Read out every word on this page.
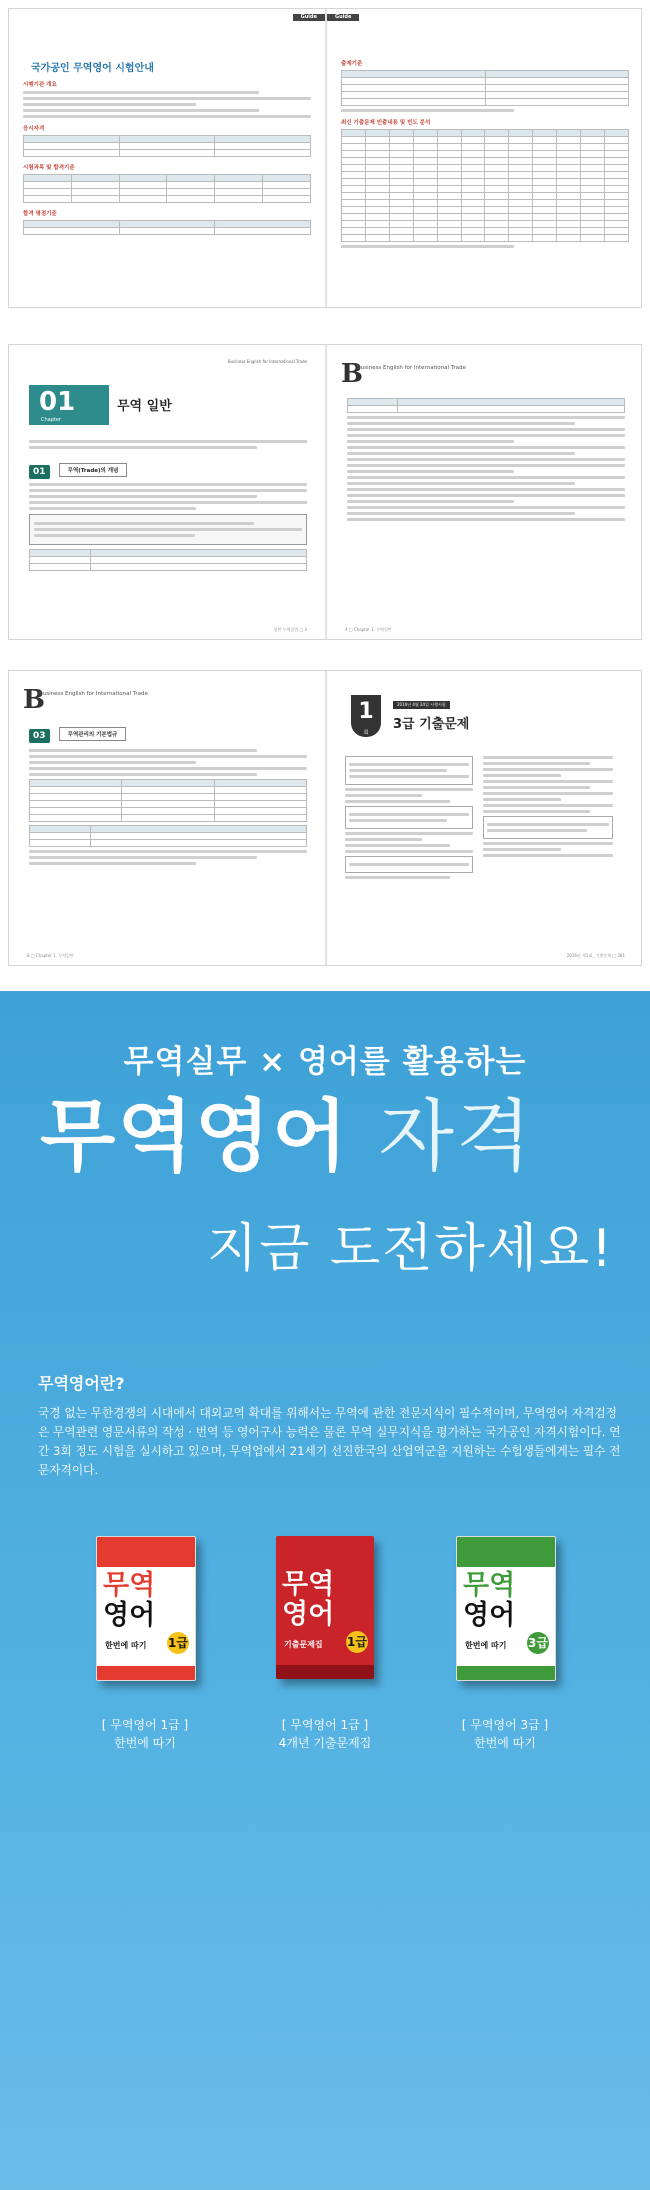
Guide
국가공인 무역영어 시험안내
시행기관 개요
응시자격

시험과목 및 합격기준

합격 평점기준

Guide
출제기준

최신 기출문제 빈출내용 및 빈도 분석

Business English for International Trade
01
Chapter
무역 일반
01	무역(Trade)의 개념

일반 무역일반 □ 3
B
Business English for International Trade

4 □ Chapter 1. 무역일반
B
Business English for International Trade
03	무역관리의 기본법규

8 □ Chapter 1. 무역일반
1
회
2016년 4월 24일 시행시험
3급 기출문제
2016년 제1회_ 기출문제 □ 381
무역실무 × 영어를 활용하는
무역영어 자격
지금 도전하세요!
무역영어란?
국경 없는 무한경쟁의 시대에서 대외교역 확대를 위해서는 무역에 관한 전문지식이 필수적이며, 무역영어 자격검정은 무역관련 영문서류의 작성 · 번역 등 영어구사 능력은 물론 무역 실무지식을 평가하는 국가공인 자격시험이다. 연간 3회 정도 시험을 실시하고 있으며, 무역업에서 21세기 선진한국의 산업역군을 지원하는 수험생들에게는 필수 전문자격이다.
무역
영어
한번에 따기 1급
[ 무역영어 1급 ]
한번에 따기
무역
영어
기출문제집 1급
[ 무역영어 1급 ]
4개년 기출문제집
무역
영어
한번에 따기 3급
[ 무역영어 3급 ]
한번에 따기
